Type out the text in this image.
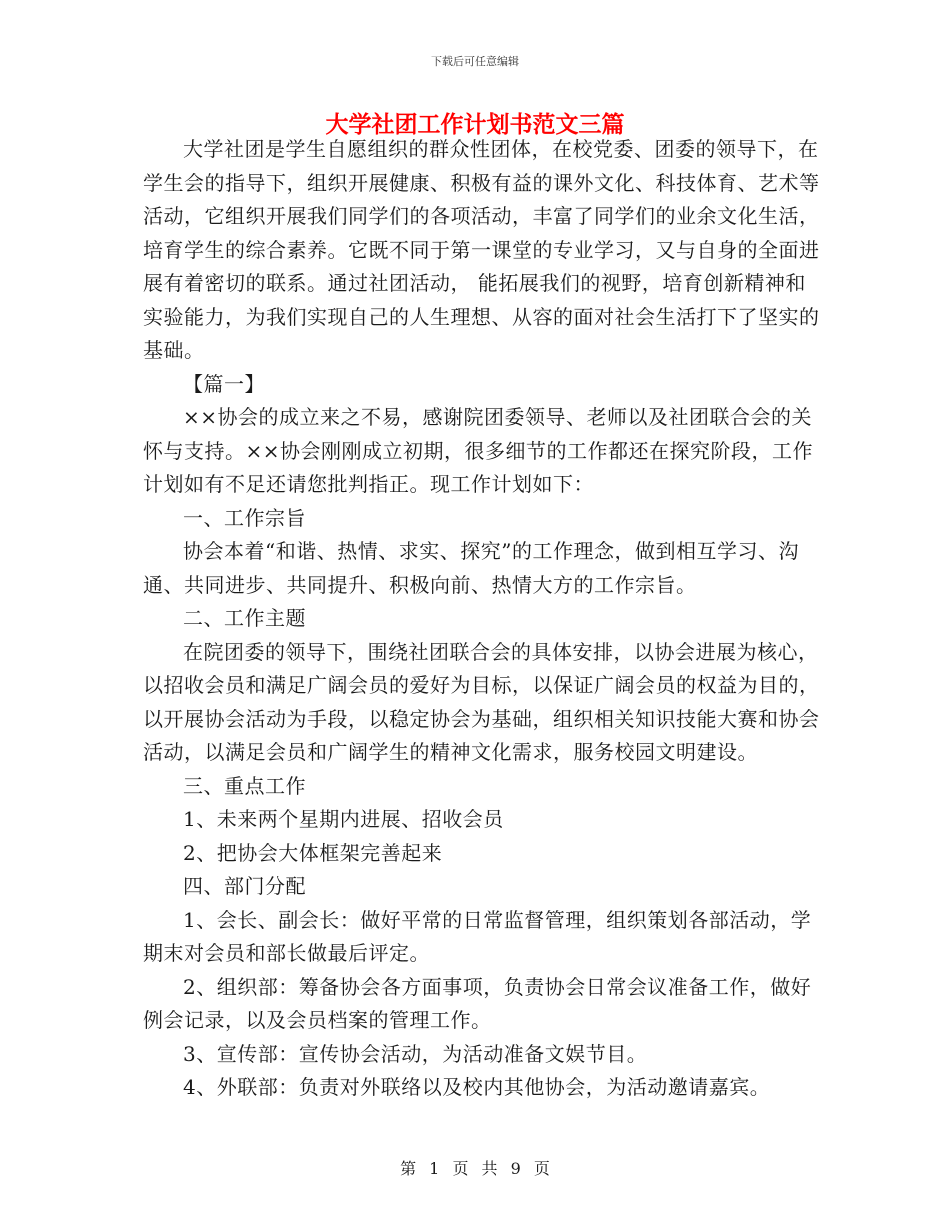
下载后可任意编辑
大学社团工作计划书范文三篇

大学社团是学生自愿组织的群众性团体，在校党委、团委的领导下，在学生会的指导下，组织开展健康、积极有益的课外文化、科技体育、艺术等活动，它组织开展我们同学们的各项活动，丰富了同学们的业余文化生活，培育学生的综合素养。它既不同于第一课堂的专业学习，又与自身的全面进展有着密切的联系。通过社团活动， 能拓展我们的视野，培育创新精神和实验能力，为我们实现自己的人生理想、从容的面对社会生活打下了坚实的基础。

【篇一】

××协会的成立来之不易，感谢院团委领导、老师以及社团联合会的关怀与支持。××协会刚刚成立初期，很多细节的工作都还在探究阶段，工作计划如有不足还请您批判指正。现工作计划如下：

一、工作宗旨

协会本着“和谐、热情、求实、探究”的工作理念，做到相互学习、沟通、共同进步、共同提升、积极向前、热情大方的工作宗旨。

二、工作主题

在院团委的领导下，围绕社团联合会的具体安排，以协会进展为核心，以招收会员和满足广阔会员的爱好为目标，以保证广阔会员的权益为目的，以开展协会活动为手段，以稳定协会为基础，组织相关知识技能大赛和协会活动，以满足会员和广阔学生的精神文化需求，服务校园文明建设。

三、重点工作

1、未来两个星期内进展、招收会员

2、把协会大体框架完善起来

四、部门分配

1、会长、副会长：做好平常的日常监督管理，组织策划各部活动，学期末对会员和部长做最后评定。

2、组织部：筹备协会各方面事项，负责协会日常会议准备工作，做好例会记录，以及会员档案的管理工作。

3、宣传部：宣传协会活动，为活动准备文娱节目。

4、外联部：负责对外联络以及校内其他协会，为活动邀请嘉宾。

第 1 页 共 9 页
